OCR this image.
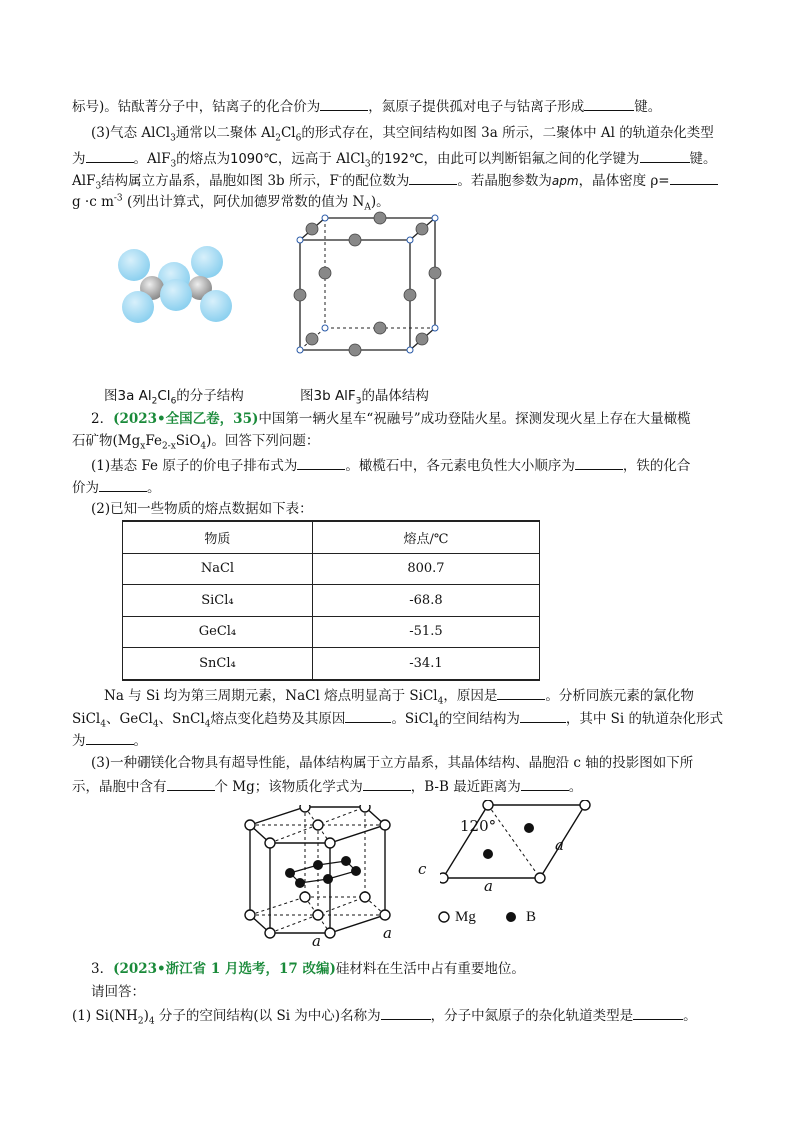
标号)。钴酞菁分子中，钴离子的化合价为	，氮原子提供孤对电子与钴离子形成	键。
(3)气态 AlCl$_3$通常以二聚体 $Al_2Cl_6$的形式存在，其空间结构如图 3a 所示，二聚体中 Al 的轨道杂化类型
为	。AlF$_3$的熔点为1090℃，远高于 AlCl$_3$的192℃，由此可以判断铝氟之间的化学键为	键。
AlF$_3$结构属立方晶系，晶胞如图 3b 所示，F-的配位数为	。若晶胞参数为apm，晶体密度 ρ=
g ·c $m^{-3}$ (列出计算式，阿伏加德罗常数的值为 $N_A$)。
图3a $Al_2Cl_6$的分子结构	图3b AlF$_3$的晶体结构
2．(2023•全国乙卷，35)中国第一辆火星车“祝融号”成功登陆火星。探测发现火星上存在大量橄榄
石矿物$(Mg_xFe_{2-x}SiO_4)$。回答下列问题：
(1)基态 Fe 原子的价电子排布式为	。橄榄石中，各元素电负性大小顺序为	，铁的化合
价为	。
(2)已知一些物质的熔点数据如下表：
物质	熔点/℃
NaCl	800.7
SiCl₄	-68.8
GeCl₄	-51.5
SnCl₄	-34.1
Na 与 Si 均为第三周期元素，NaCl 熔点明显高于 SiCl$_4$，原因是	。分析同族元素的氯化物
SiCl$_4$、GeCl$_4$、SnCl$_4$熔点变化趋势及其原因	。SiCl$_4$的空间结构为	，其中 Si 的轨道杂化形式
为	。
(3)一种硼镁化合物具有超导性能，晶体结构属于立方晶系，其晶体结构、晶胞沿 c 轴的投影图如下所
示，晶胞中含有	个 Mg；该物质化学式为	，B-B 最近距离为	。
c
a	a
120°
a
a
Mg	B
3．(2023•浙江省 1 月选考，17 改编)硅材料在生活中占有重要地位。
请回答：
(1) $Si(NH_2)_4$ 分子的空间结构(以 Si 为中心)名称为	，分子中氮原子的杂化轨道类型是	。
